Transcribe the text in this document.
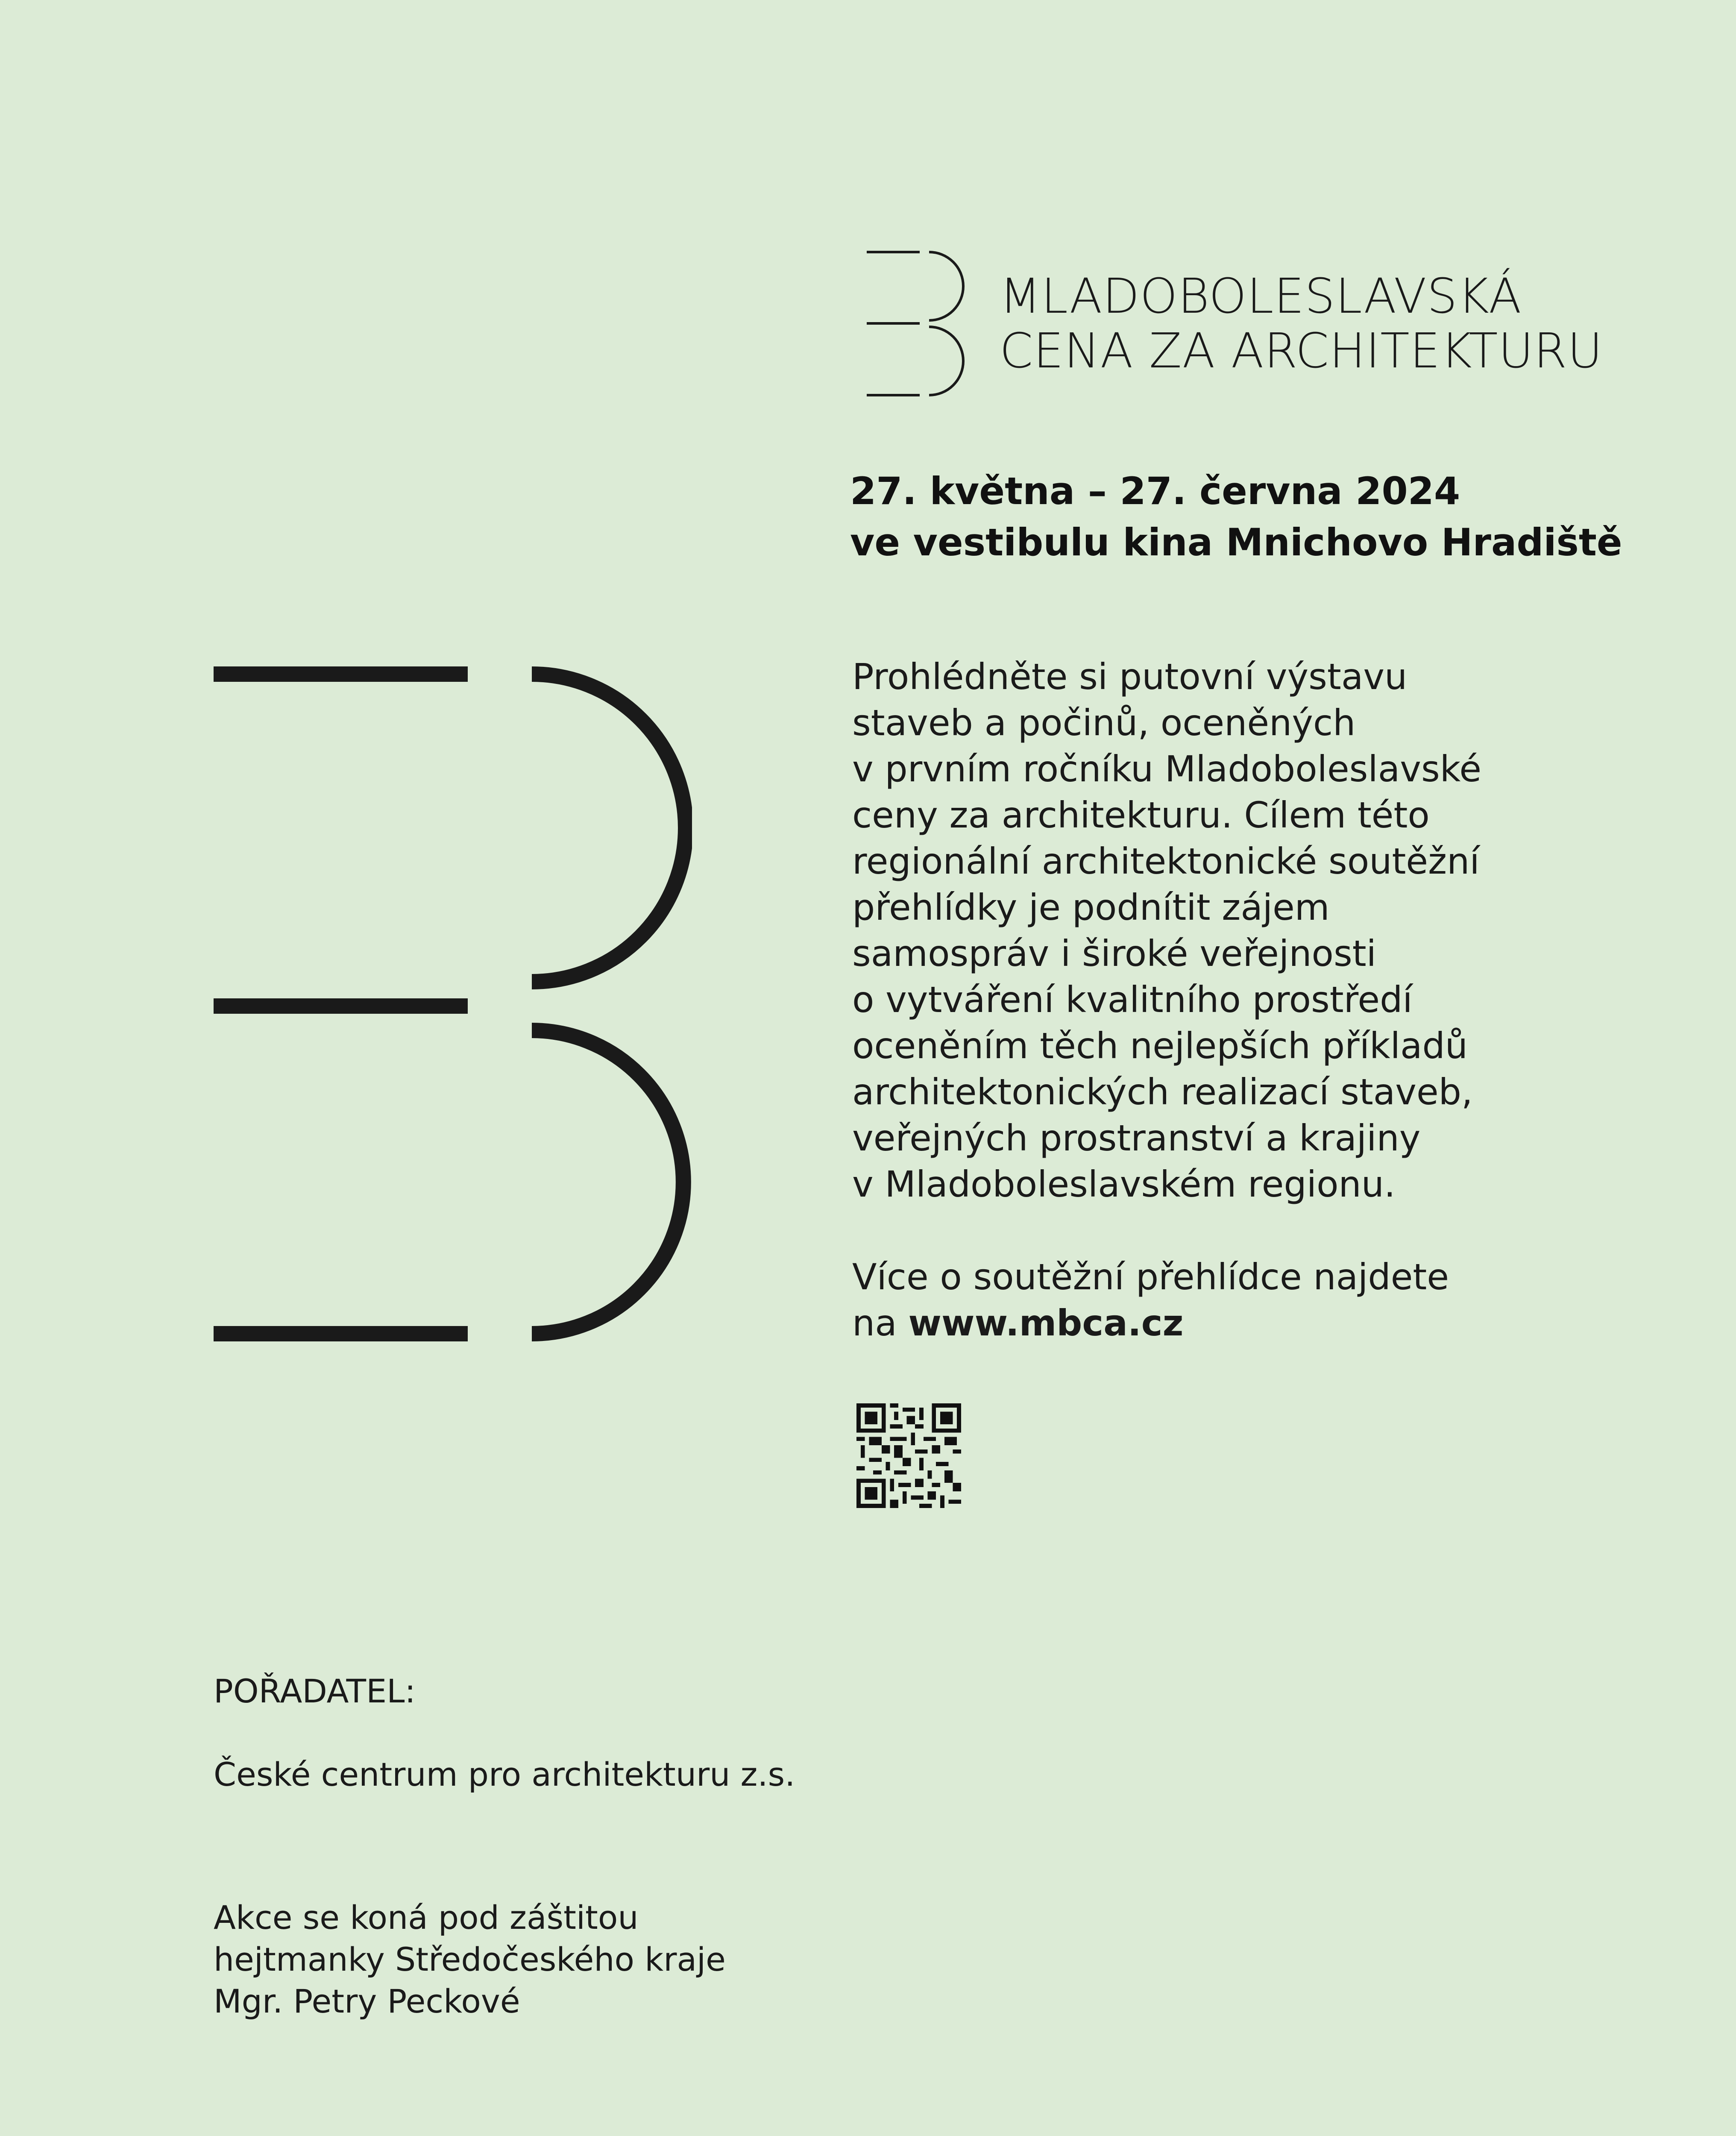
MLADOBOLESLAVSKÁ
CENA ZA ARCHITEKTURU
27. května – 27. června 2024
ve vestibulu kina Mnichovo Hradiště
Prohlédněte si putovní výstavu
staveb a počinů, oceněných
v prvním ročníku Mladoboleslavské
ceny za architekturu. Cílem této
regionální architektonické soutěžní
přehlídky je podnítit zájem
samospráv i široké veřejnosti
o vytváření kvalitního prostředí
oceněním těch nejlepších příkladů
architektonických realizací staveb,
veřejných prostranství a krajiny
v Mladoboleslavském regionu.
Více o soutěžní přehlídce najdete
na www.mbca.cz
POŘADATEL:
České centrum pro architekturu z.s.
Akce se koná pod záštitou
hejtmanky Středočeského kraje
Mgr. Petry Peckové
